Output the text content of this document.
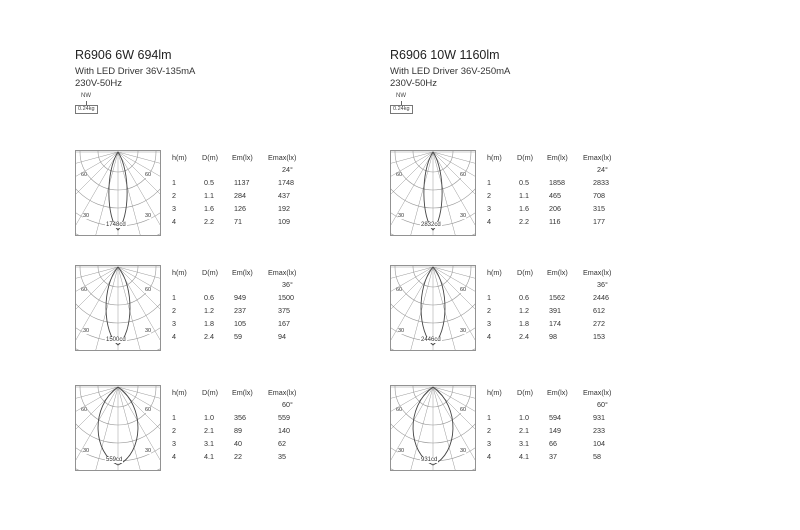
R6906 6W 694lm
With LED Driver 36V-135mA
230V-50Hz
NW
0.24kg
60	60
30	30
1748cd
h(m) D(m) Em(lx) Emax(lx)
24°
1	0.5	1137	1748
2	1.1	284	437
3	1.6	126	192
4	2.2	71	109
60	60
30	30
1500cd
h(m) D(m) Em(lx) Emax(lx)
36°
1	0.6	949	1500
2	1.2	237	375
3	1.8	105	167
4	2.4	59	94
60	60
30	30
559cd
h(m) D(m) Em(lx) Emax(lx)
60°
1	1.0	356	559
2	2.1	89	140
3	3.1	40	62
4	4.1	22	35
R6906 10W 1160lm
With LED Driver 36V-250mA
230V-50Hz
NW
0.24kg
60	60
30	30
2832cd
h(m) D(m) Em(lx) Emax(lx)
24°
1	0.5	1858	2833
2	1.1	465	708
3	1.6	206	315
4	2.2	116	177
60	60
30	30
2446cd
h(m) D(m) Em(lx) Emax(lx)
36°
1	0.6	1562	2446
2	1.2	391	612
3	1.8	174	272
4	2.4	98	153
60	60
30	30
931cd
h(m) D(m) Em(lx) Emax(lx)
60°
1	1.0	594	931
2	2.1	149	233
3	3.1	66	104
4	4.1	37	58
